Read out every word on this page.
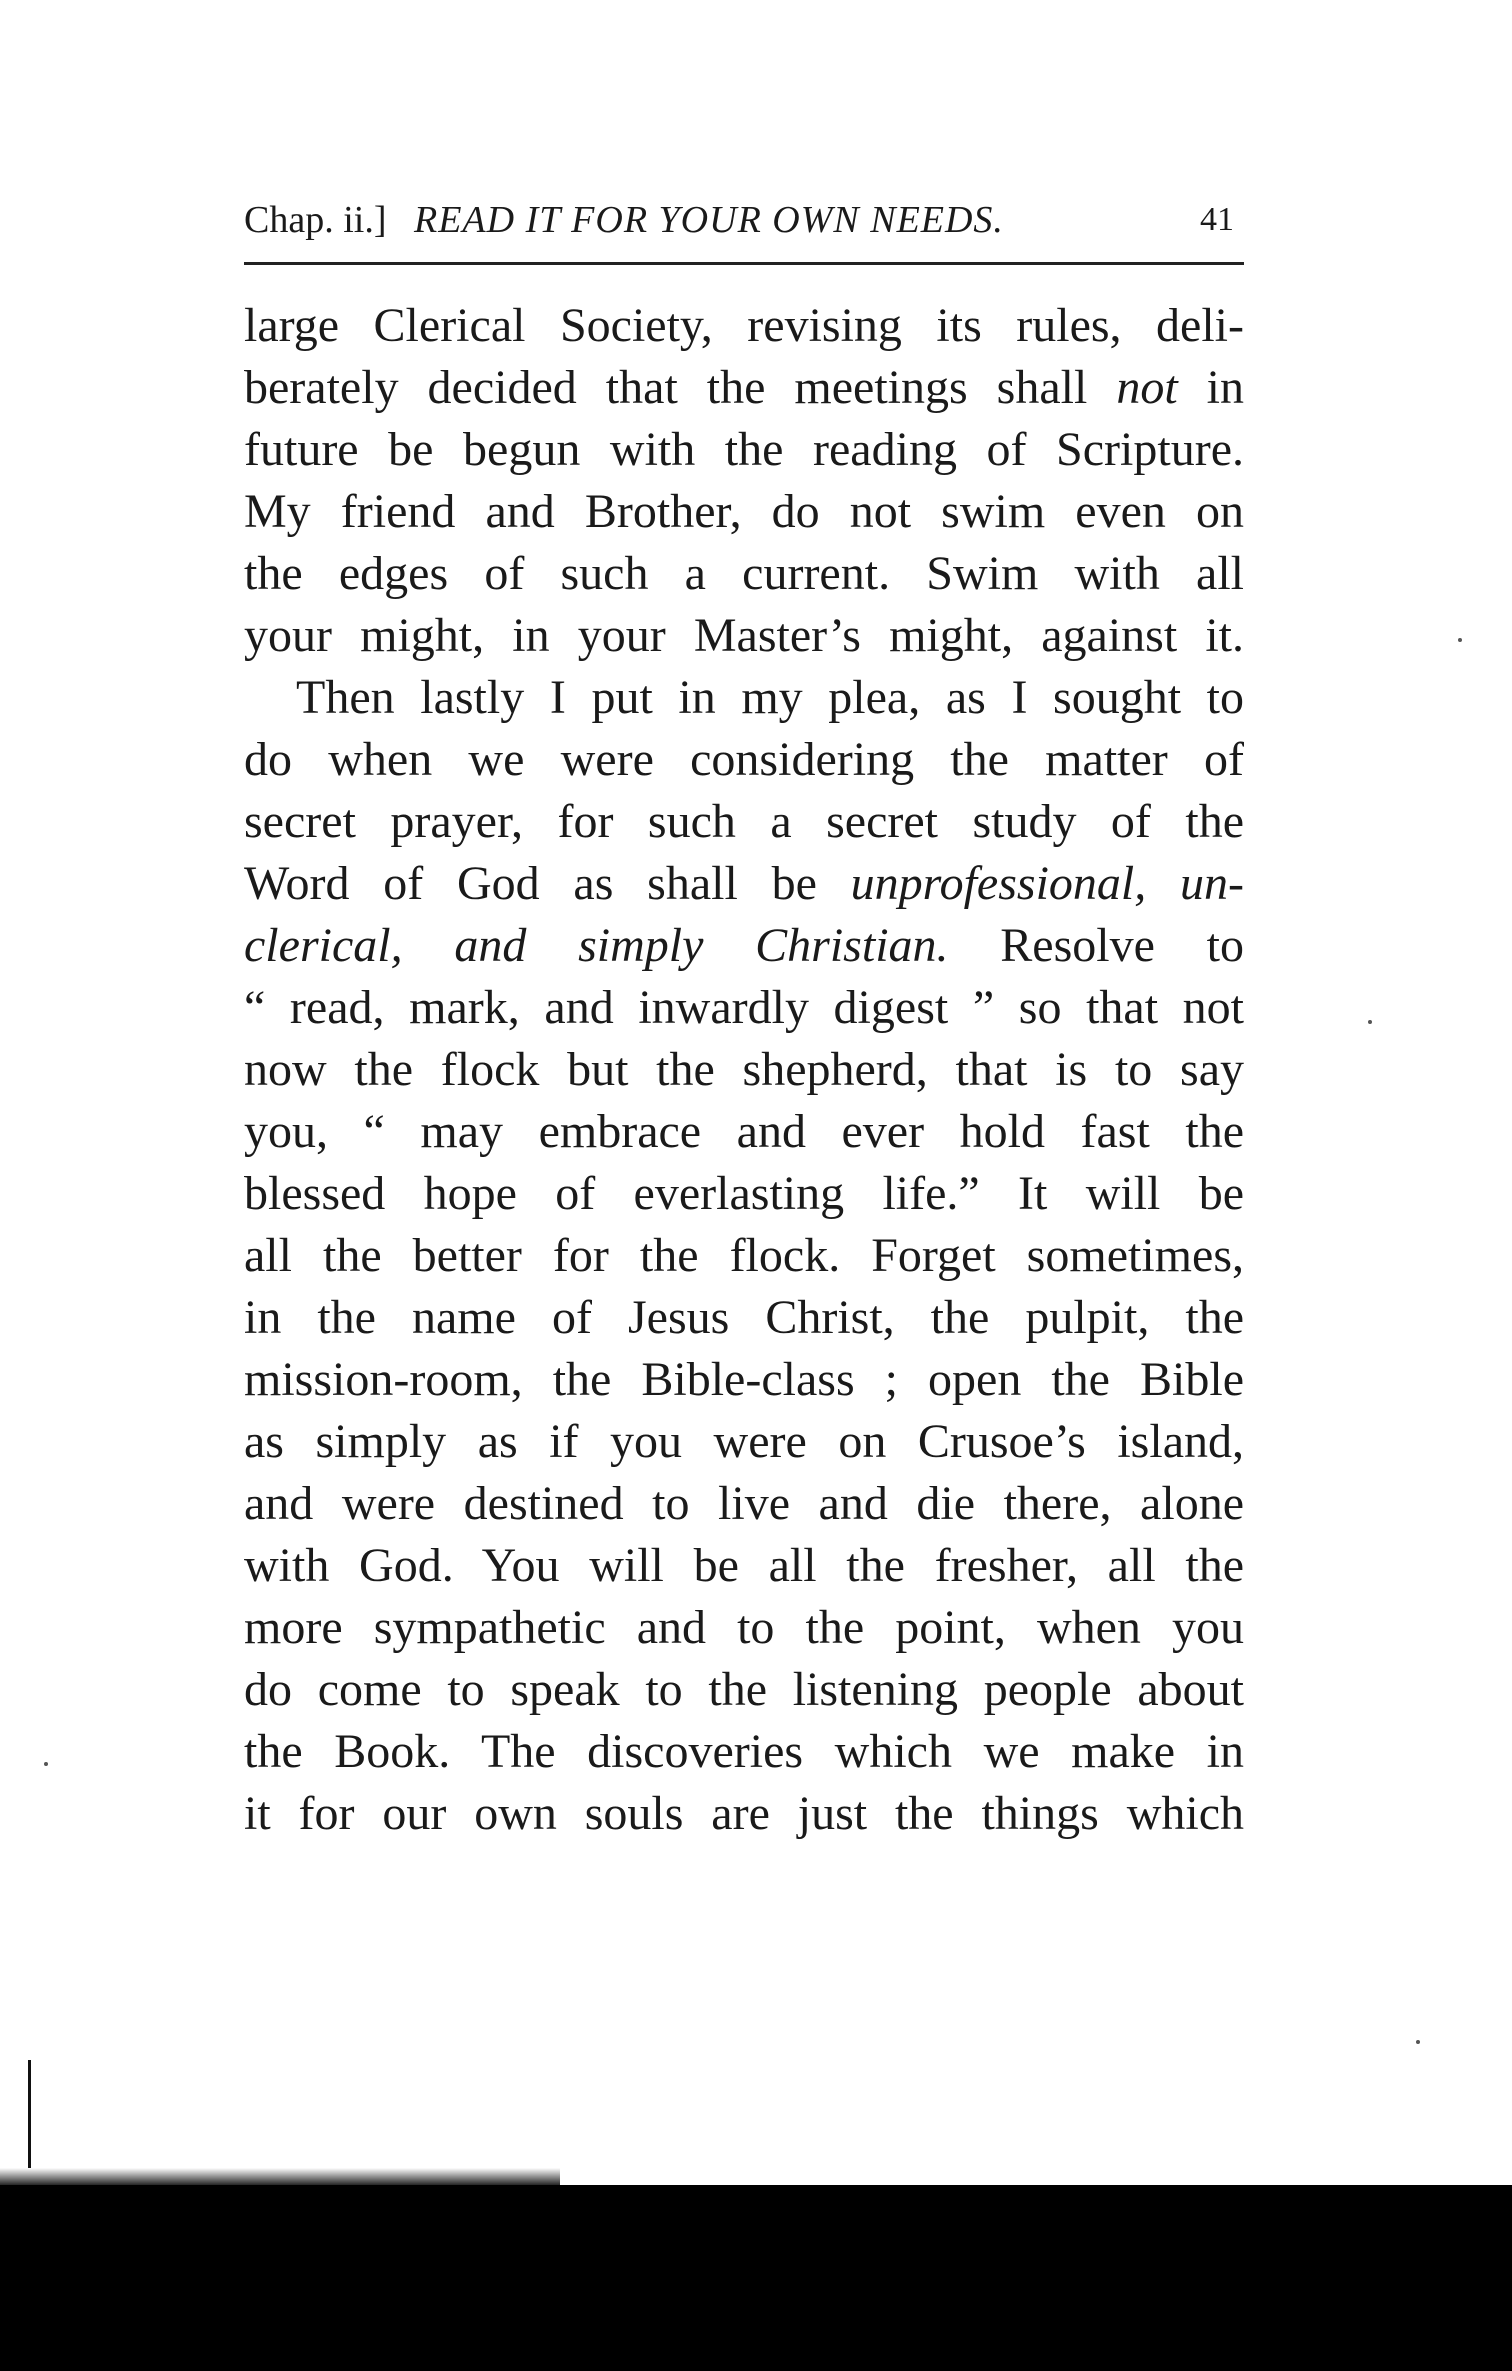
Chap. ii.] READ IT FOR YOUR OWN NEEDS.	41
large Clerical Society, revising its rules, deli-
berately decided that the meetings shall not in
future be begun with the reading of Scripture.
My friend and Brother, do not swim even on
the edges of such a current. Swim with all
your might, in your Master’s might, against it.
Then lastly I put in my plea, as I sought to
do when we were considering the matter of
secret prayer, for such a secret study of the
Word of God as shall be unprofessional, un-
clerical, and simply Christian. Resolve to
“ read, mark, and inwardly digest ” so that not
now the flock but the shepherd, that is to say
you, “ may embrace and ever hold fast the
blessed hope of everlasting life.” It will be
all the better for the flock. Forget sometimes,
in the name of Jesus Christ, the pulpit, the
mission-room, the Bible-class ; open the Bible
as simply as if you were on Crusoe’s island,
and were destined to live and die there, alone
with God. You will be all the fresher, all the
more sympathetic and to the point, when you
do come to speak to the listening people about
the Book. The discoveries which we make in
it for our own souls are just the things which
